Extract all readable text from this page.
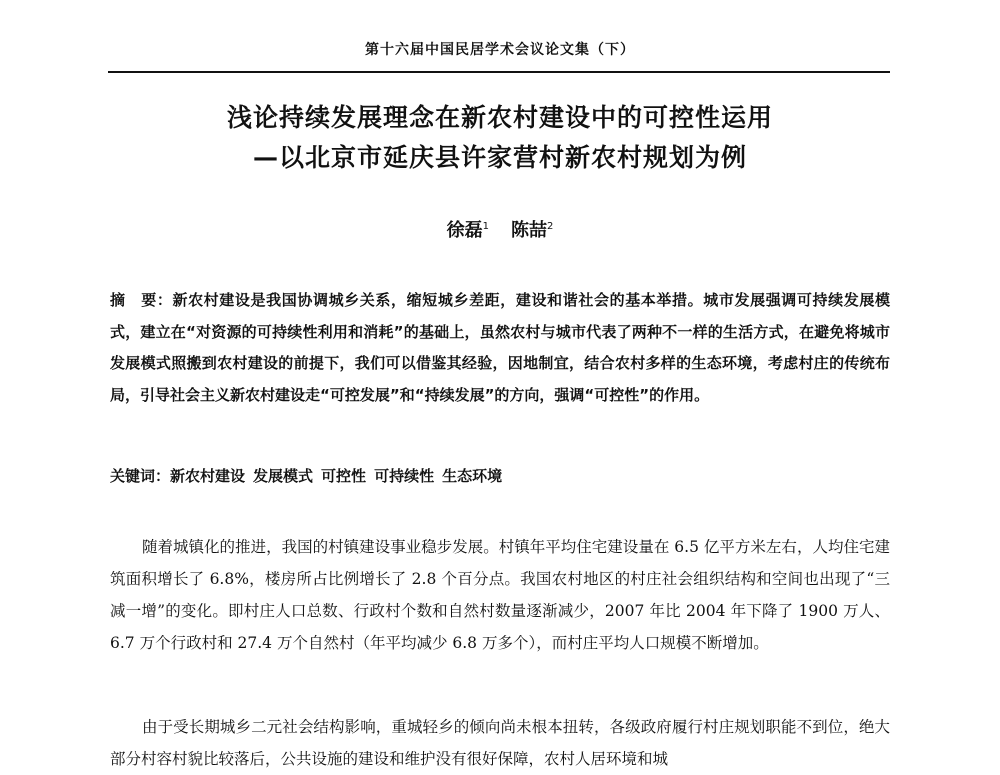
第十六届中国民居学术会议论文集（下）
浅论持续发展理念在新农村建设中的可控性运用
—以北京市延庆县许家营村新农村规划为例
徐磊$^1$ 陈喆$^2$

摘　要：新农村建设是我国协调城乡关系，缩短城乡差距，建设和谐社会的基本举措。城市发展强调可持续发展模式，建立在“对资源的可持续性利用和消耗”的基础上，虽然农村与城市代表了两种不一样的生活方式，在避免将城市发展模式照搬到农村建设的前提下，我们可以借鉴其经验，因地制宜，结合农村多样的生态环境，考虑村庄的传统布局，引导社会主义新农村建设走“可控发展”和“持续发展”的方向，强调“可控性”的作用。

关键词：新农村建设 发展模式 可控性 可持续性 生态环境

随着城镇化的推进，我国的村镇建设事业稳步发展。村镇年平均住宅建设量在 6.5 亿平方米左右，人均住宅建筑面积增长了 6.8%，楼房所占比例增长了 2.8 个百分点。我国农村地区的村庄社会组织结构和空间也出现了“三减一增”的变化。即村庄人口总数、行政村个数和自然村数量逐渐减少，2007 年比 2004 年下降了 1900 万人、6.7 万个行政村和 27.4 万个自然村（年平均减少 6.8 万多个），而村庄平均人口规模不断增加。

由于受长期城乡二元社会结构影响，重城轻乡的倾向尚未根本扭转，各级政府履行村庄规划职能不到位，绝大部分村容村貌比较落后，公共设施的建设和维护没有很好保障，农村人居环境和城
